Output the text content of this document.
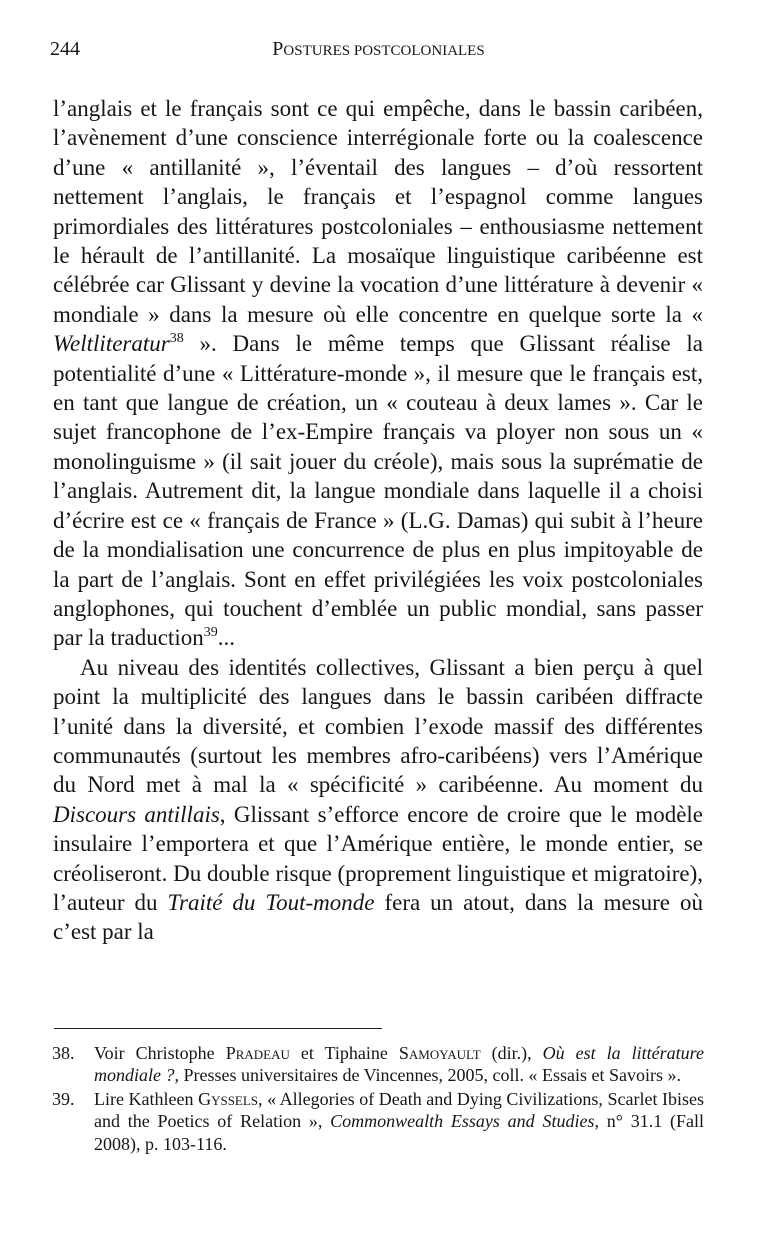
244	POSTURES POSTCOLONIALES

l’anglais et le français sont ce qui empêche, dans le bassin caribéen, l’avènement d’une conscience interrégionale forte ou la coalescence d’une « antillanité », l’éventail des langues – d’où ressortent nettement l’anglais, le français et l’espagnol comme langues primordiales des littératures postcoloniales – enthousiasme nettement le hérault de l’antillanité. La mosaïque linguistique caribéenne est célébrée car Glissant y devine la vocation d’une littérature à devenir « mondiale » dans la mesure où elle concentre en quelque sorte la « Weltliteratur$^{38}$ ». Dans le même temps que Glissant réalise la potentialité d’une « Littérature-monde », il mesure que le français est, en tant que langue de création, un « couteau à deux lames ». Car le sujet francophone de l’ex-Empire français va ployer non sous un « monolinguisme » (il sait jouer du créole), mais sous la suprématie de l’anglais. Autrement dit, la langue mondiale dans laquelle il a choisi d’écrire est ce « français de France » (L.G. Damas) qui subit à l’heure de la mondialisation une concurrence de plus en plus impitoyable de la part de l’anglais. Sont en effet privilégiées les voix postcoloniales anglophones, qui touchent d’emblée un public mondial, sans passer par la traduction$^{39}$...

Au niveau des identités collectives, Glissant a bien perçu à quel point la multiplicité des langues dans le bassin caribéen diffracte l’unité dans la diversité, et combien l’exode massif des différentes communautés (surtout les membres afro-caribéens) vers l’Amérique du Nord met à mal la « spécificité » caribéenne. Au moment du Discours antillais, Glissant s’efforce encore de croire que le modèle insulaire l’emportera et que l’Amérique entière, le monde entier, se créoliseront. Du double risque (proprement linguistique et migratoire), l’auteur du Traité du Tout-monde fera un atout, dans la mesure où c’est par la

38.	Voir Christophe Pradeau et Tiphaine Samoyault (dir.), Où est la littérature mondiale ?, Presses universitaires de Vincennes, 2005, coll. « Essais et Savoirs ».
39.	Lire Kathleen Gyssels, « Allegories of Death and Dying Civilizations, Scarlet Ibises and the Poetics of Relation », Commonwealth Essays and Studies, n° 31.1 (Fall 2008), p. 103-116.
